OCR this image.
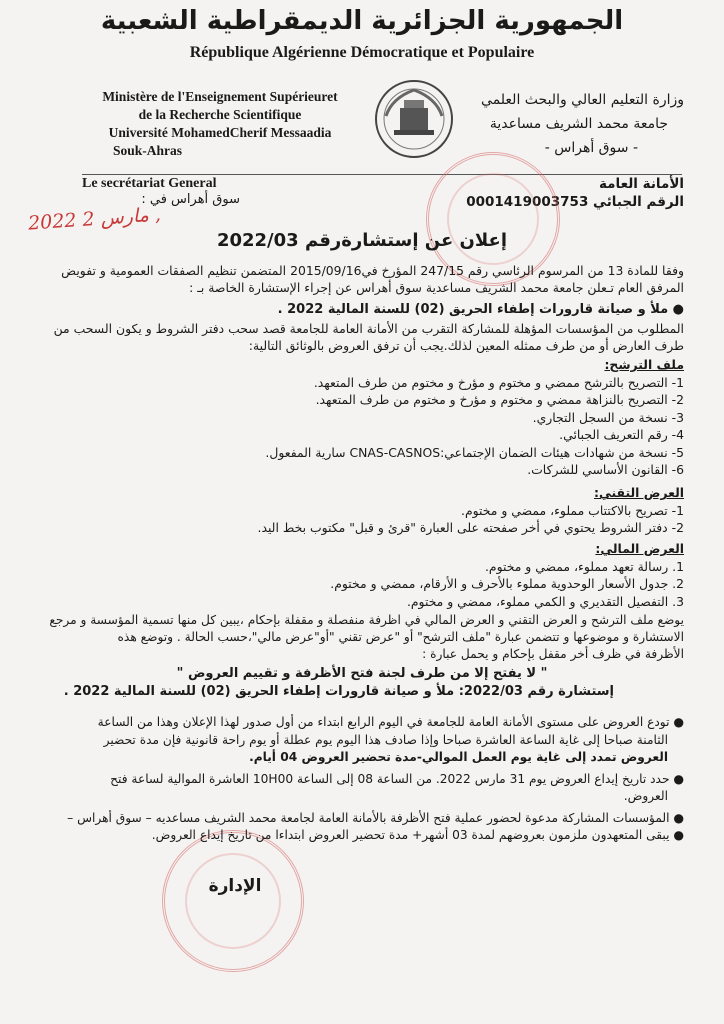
الجمهورية الجزائرية الديمقراطية الشعبية
République Algérienne Démocratique et Populaire
Ministère de l'Enseignement Supérieuret
de la Recherche Scientifique
Université MohamedCherif Messaadia
Souk-Ahras
وزارة التعليم العالي والبحث العلمي
جامعة محمد الشريف مساعدية
- سوق أهراس -
Le secrétariat General	الأمانة العامة
سوق أهراس في :	الرقم الجبائي 0001419003753
2022 مارس 2 ,
إعلان عن إستشارةرقم 2022/03
وفقا للمادة 13 من المرسوم الرئاسي رقم 247/15 المؤرخ في2015/09/16 المتضمن تنظيم الصفقات العمومية و تفويض
المرفق العام تـعلن جامعة محمد الشريف مساعدية سوق أهراس عن إجراء الإستشارة الخاصة بـ :
● ملأ و صيانة قارورات إطفاء الحريق (02) للسنة المالية 2022 .
المطلوب من المؤسسات المؤهلة للمشاركة التقرب من الأمانة العامة للجامعة قصد سحب دفتر الشروط و يكون السحب من
طرف العارض أو من طرف ممثله المعين لذلك.يجب أن ترفق العروض بالوثائق التالية:
ملف الترشح:
1- التصريح بالترشح ممضي و مختوم و مؤرخ و مختوم من طرف المتعهد.
2- التصريح بالنزاهة ممضي و مختوم و مؤرخ و مختوم من طرف المتعهد.
3- نسخة من السجل التجاري.
4- رقم التعريف الجبائي.
5- نسخة من شهادات هيئات الضمان الإجتماعي:CNAS-CASNOS سارية المفعول.
6- القانون الأساسي للشركات.
العرض التقني:
1- تصريح بالاكتتاب مملوء، ممضي و مختوم.
2- دفتر الشروط يحتوي في أخر صفحته على العبارة "قرئ و قبل" مكتوب بخط اليد.
العرض المالي:
1. رسالة تعهد مملوء، ممضي و مختوم.
2. جدول الأسعار الوحدوية مملوء بالأحرف و الأرقام، ممضي و مختوم.
3. التفصيل التقديري و الكمي مملوء، ممضي و مختوم.
يوضع ملف الترشح و العرض التقني و العرض المالي في اظرفة منفصلة و مقفلة بإحكام ،يبين كل منها تسمية المؤسسة و مرجع
الاستشارة و موضوعها و تتضمن عبارة "ملف الترشح" أو "عرض تقني "أو"عرض مالي"،حسب الحالة . وتوضع هذه
الأظرفة في ظرف أخر مقفل بإحكام و يحمل عبارة :
" لا يفتح إلا من طرف لجنة فتح الأظرفة و تقييم العروض "
إستشارة رقم 2022/03: ملأ و صيانة قارورات إطفاء الحريق (02) للسنة المالية 2022 .
● تودع العروض على مستوى الأمانة العامة للجامعة في اليوم الرابع ابتداء من أول صدور لهذا الإعلان وهذا من الساعة
الثامنة صباحا إلى غاية الساعة العاشرة صباحا وإذا صادف هذا اليوم يوم عطلة أو يوم راحة قانونية فإن مدة تحضير
العروض تمدد إلى غاية يوم العمل الموالي-مدة تحضير العروض 04 أيام.
● حدد تاريخ إيداع العروض يوم 31 مارس 2022. من الساعة 08 إلى الساعة 10H00 العاشرة الموالية لساعة فتح
العروض.
● المؤسسات المشاركة مدعوة لحضور عملية فتح الأظرفة بالأمانة العامة لجامعة محمد الشريف مساعديه – سوق أهراس –
● يبقى المتعهدون ملزمون بعروضهم لمدة 03 أشهر+ مدة تحضير العروض ابتداءا من تاريخ إيداع العروض.
الإدارة
